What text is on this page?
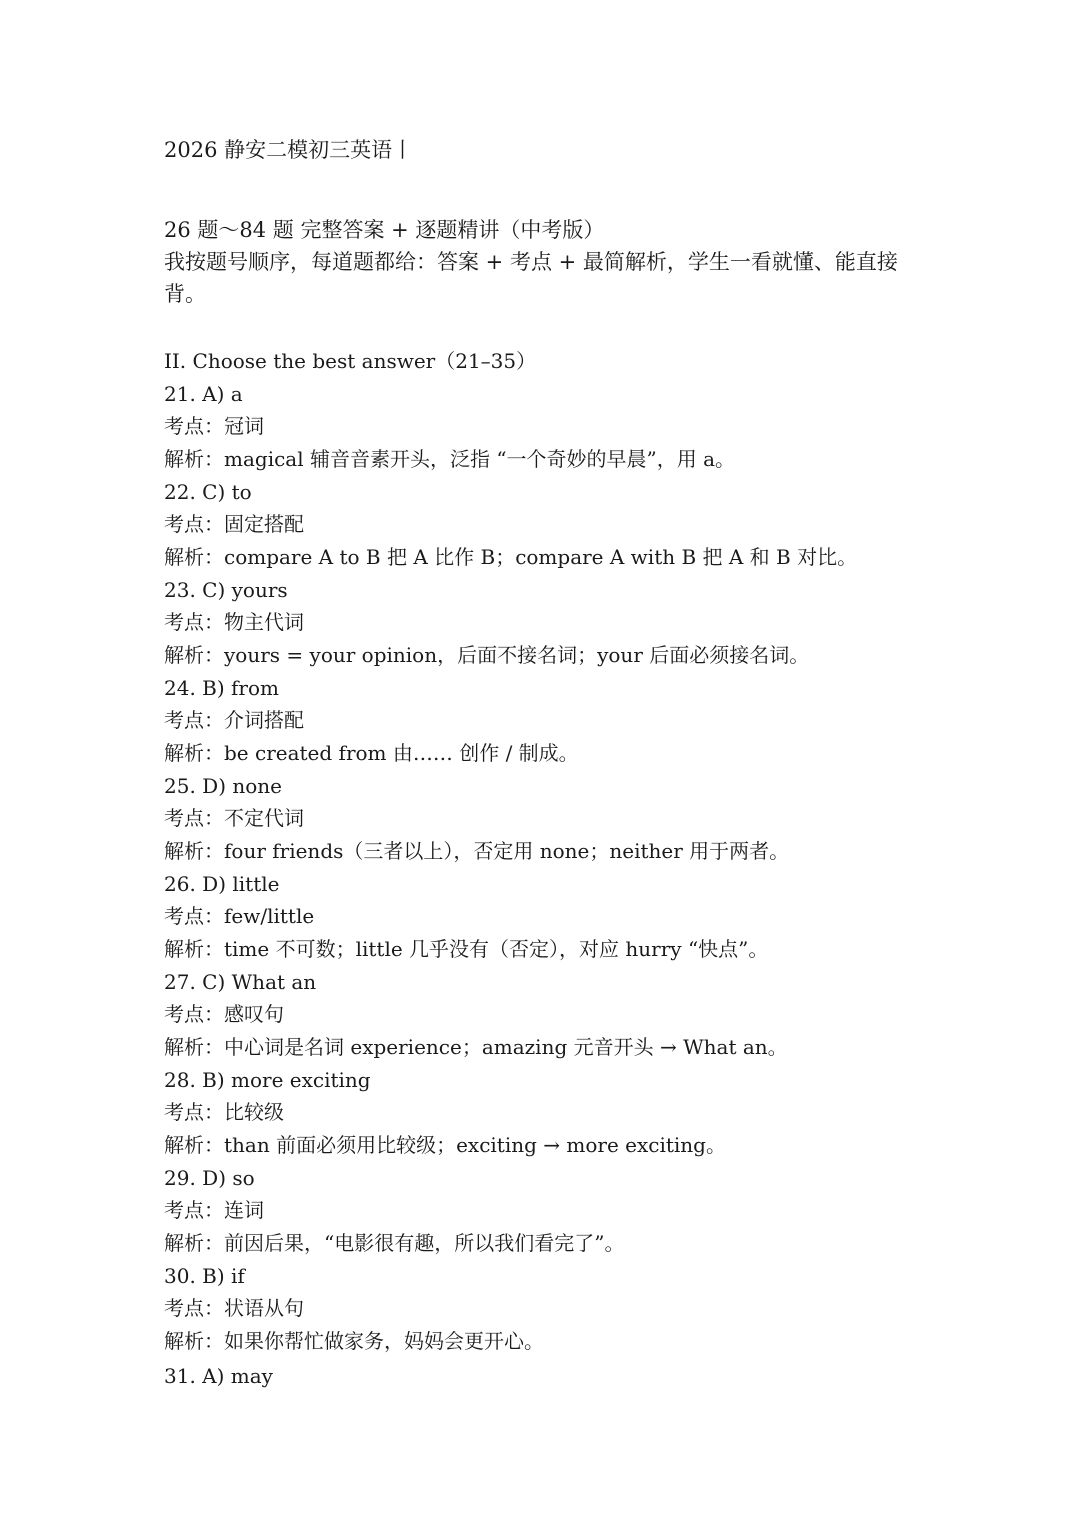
2026 静安二模初三英语丨

26 题～84 题 完整答案 + 逐题精讲（中考版）

我按题号顺序，每道题都给：答案 + 考点 + 最简解析，学生一看就懂、能直接背。

II. Choose the best answer（21–35）

21. A) a
考点：冠词
解析：magical 辅音音素开头，泛指 “一个奇妙的早晨”，用 a。
22. C) to
考点：固定搭配
解析：compare A to B 把 A 比作 B；compare A with B 把 A 和 B 对比。
23. C) yours
考点：物主代词
解析：yours = your opinion，后面不接名词；your 后面必须接名词。
24. B) from
考点：介词搭配
解析：be created from 由…… 创作 / 制成。
25. D) none
考点：不定代词
解析：four friends（三者以上），否定用 none；neither 用于两者。
26. D) little
考点：few/little
解析：time 不可数；little 几乎没有（否定），对应 hurry “快点”。
27. C) What an
考点：感叹句
解析：中心词是名词 experience；amazing 元音开头 → What an。
28. B) more exciting
考点：比较级
解析：than 前面必须用比较级；exciting → more exciting。
29. D) so
考点：连词
解析：前因后果，“电影很有趣，所以我们看完了”。
30. B) if
考点：状语从句
解析：如果你帮忙做家务，妈妈会更开心。
31. A) may
